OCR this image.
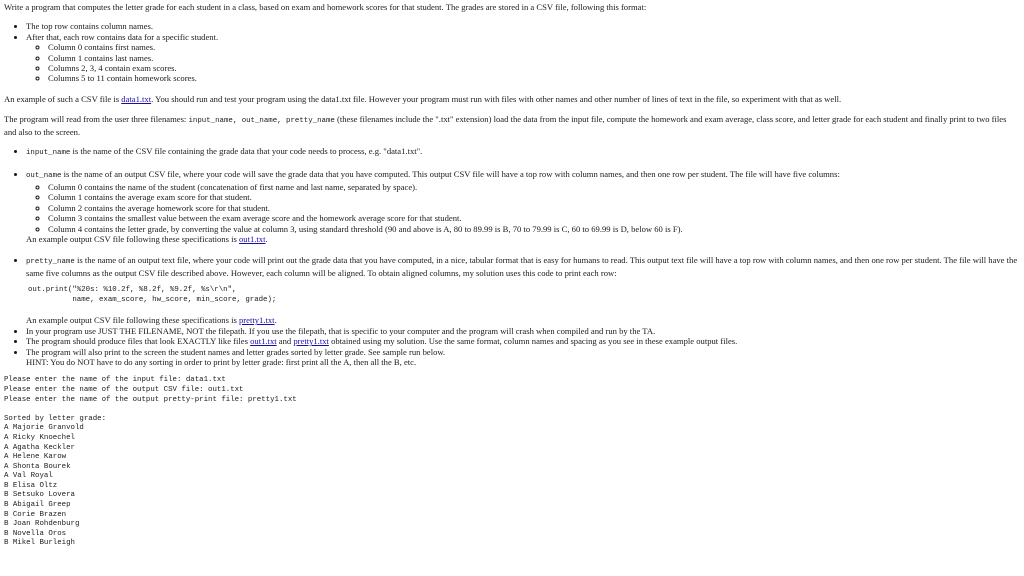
Write a program that computes the letter grade for each student in a class, based on exam and homework scores for that student. The grades are stored in a CSV file, following this format:

• The top row contains column names.
• After that, each row contains data for a specific student.
◦ Column 0 contains first names.
◦ Column 1 contains last names.
◦ Columns 2, 3, 4 contain exam scores.
◦ Columns 5 to 11 contain homework scores.

An example of such a CSV file is data1.txt. You should run and test your program using the data1.txt file. However your program must run with files with other names and other number of lines of text in the file, so experiment with that as well.

The program will read from the user three filenames: input_name, out_name, pretty_name (these filenames include the ".txt" extension) load the data from the input file, compute the homework and exam average, class score, and letter grade for each student and finally print to two files and also to the screen.

• input_name is the name of the CSV file containing the grade data that your code needs to process, e.g. "data1.txt".
• out_name is the name of an output CSV file, where your code will save the grade data that you have computed. This output CSV file will have a top row with column names, and then one row per student. The file will have five columns:
◦ Column 0 contains the name of the student (concatenation of first name and last name, separated by space).
◦ Column 1 contains the average exam score for that student.
◦ Column 2 contains the average homework score for that student.
◦ Column 3 contains the smallest value between the exam average score and the homework average score for that student.
◦ Column 4 contains the letter grade, by converting the value at column 3, using standard threshold (90 and above is A, 80 to 89.99 is B, 70 to 79.99 is C, 60 to 69.99 is D, below 60 is F).

An example output CSV file following these specifications is out1.txt.

• pretty_name is the name of an output text file, where your code will print out the grade data that you have computed, in a nice, tabular format that is easy for humans to read. This output text file will have a top row with column names, and then one row per student. The file will have the same five columns as the output CSV file described above. However, each column will be aligned. To obtain aligned columns, my solution uses this code to print each row:
out.print("%20s: %10.2f, %8.2f, %9.2f, %s\r\n",
name, exam_score, hw_score, min_score, grade);

An example output CSV file following these specifications is pretty1.txt.

• In your program use JUST THE FILENAME, NOT the filepath. If you use the filepath, that is specific to your computer and the program will crash when compiled and run by the TA.
• The program should produce files that look EXACTLY like files out1.txt and pretty1.txt obtained using my solution. Use the same format, column names and spacing as you see in these example output files.
• The program will also print to the screen the student names and letter grades sorted by letter grade. See sample run below.
HINT: You do NOT have to do any sorting in order to print by letter grade: first print all the A, then all the B, etc.
Please enter the name of the input file: data1.txt
Please enter the name of the output CSV file: out1.txt
Please enter the name of the output pretty-print file: pretty1.txt

Sorted by letter grade:
A Majorie Granvold
A Ricky Knoechel
A Agatha Keckler
A Helene Karow
A Shonta Bourek
A Val Royal
B Elisa Oltz
B Setsuko Lovera
B Abigail Greep
B Corie Brazen
B Joan Rohdenburg
B Novella Oros
B Mikel Burleigh
